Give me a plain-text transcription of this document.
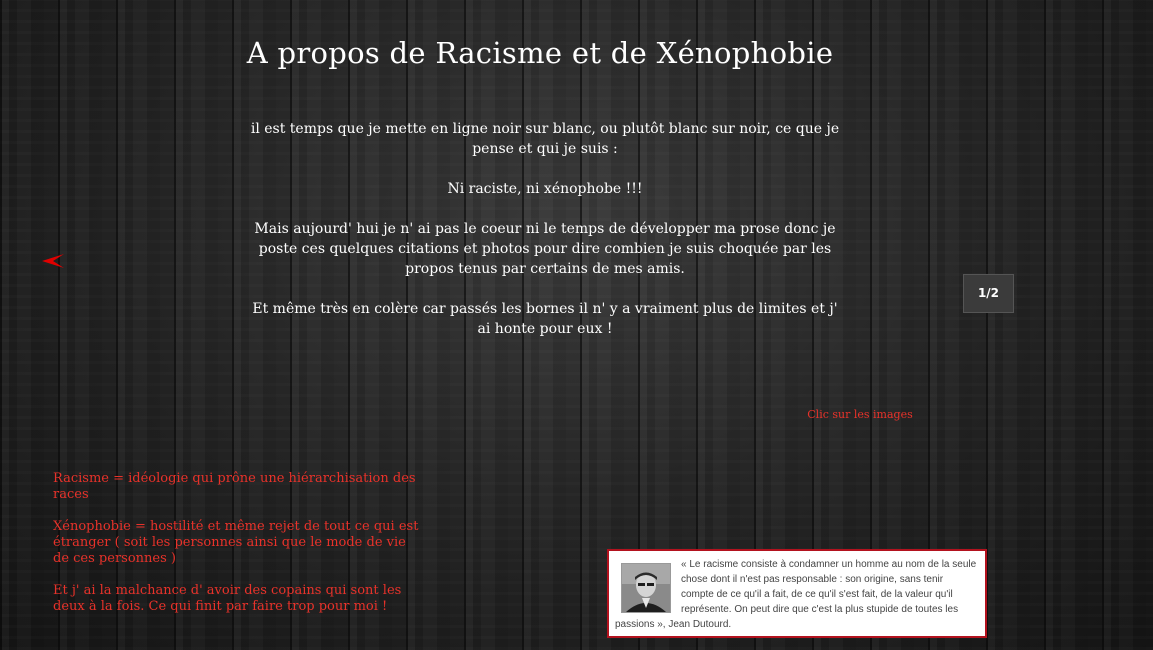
A propos de Racisme et de Xénophobie

il est temps que je mette en ligne noir sur blanc, ou plutôt blanc sur noir, ce que je pense et qui je suis :

Ni raciste, ni xénophobe !!!

Mais aujourd' hui je n' ai pas le coeur ni le temps de développer ma prose donc je poste ces quelques citations et photos pour dire combien je suis choquée par les propos tenus par certains de mes amis.

Et même très en colère car passés les bornes il n' y a vraiment plus de limites et j' ai honte pour eux !

1/2
Clic sur les images

Racisme = idéologie qui prône une hiérarchisation des races

Xénophobie = hostilité et même rejet de tout ce qui est étranger ( soit les personnes ainsi que le mode de vie de ces personnes )

Et j' ai la malchance d' avoir des copains qui sont les deux à la fois. Ce qui finit par faire trop pour moi !

« Le racisme consiste à condamner un homme au nom de la seule chose dont il n'est pas responsable : son origine, sans tenir compte de ce qu'il a fait, de ce qu'il s'est fait, de la valeur qu'il représente. On peut dire que c'est la plus stupide de toutes les passions », Jean Dutourd.
